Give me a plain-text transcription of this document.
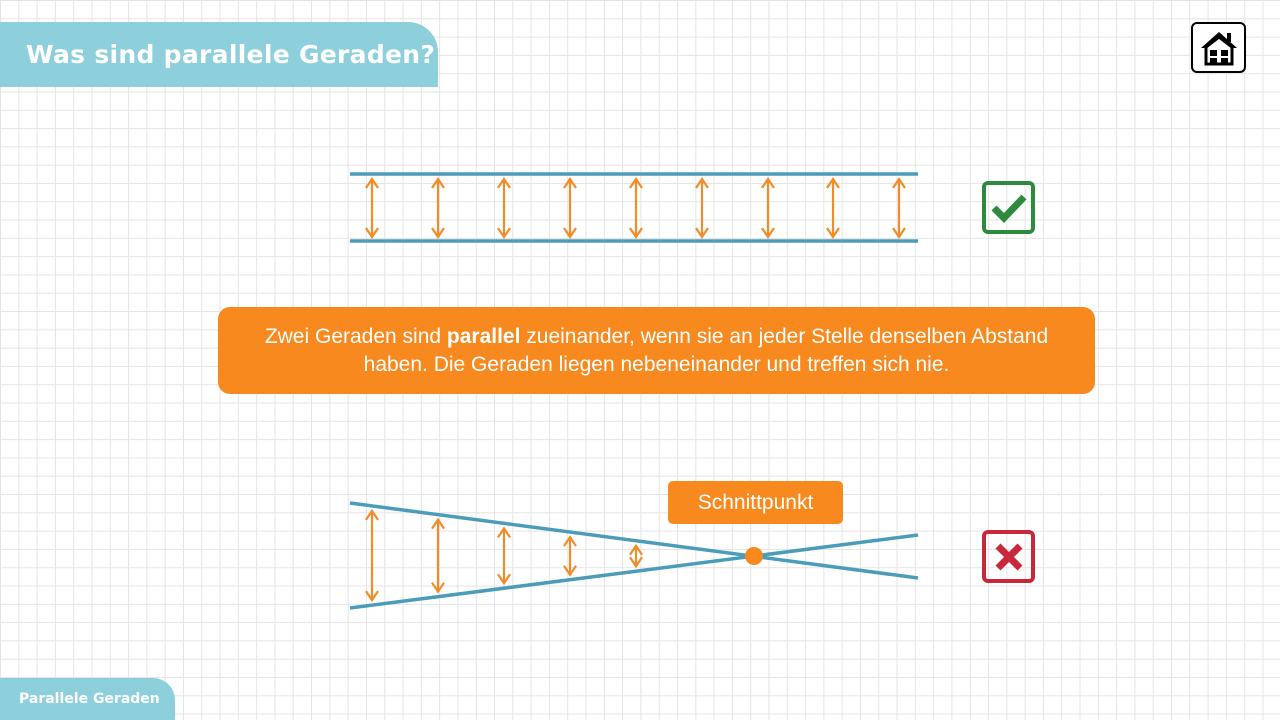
Was sind parallele Geraden?
Zwei Geraden sind parallel zueinander, wenn sie an jeder Stelle denselben Abstand haben. Die Geraden liegen nebeneinander und treffen sich nie.
Schnittpunkt
Parallele Geraden
